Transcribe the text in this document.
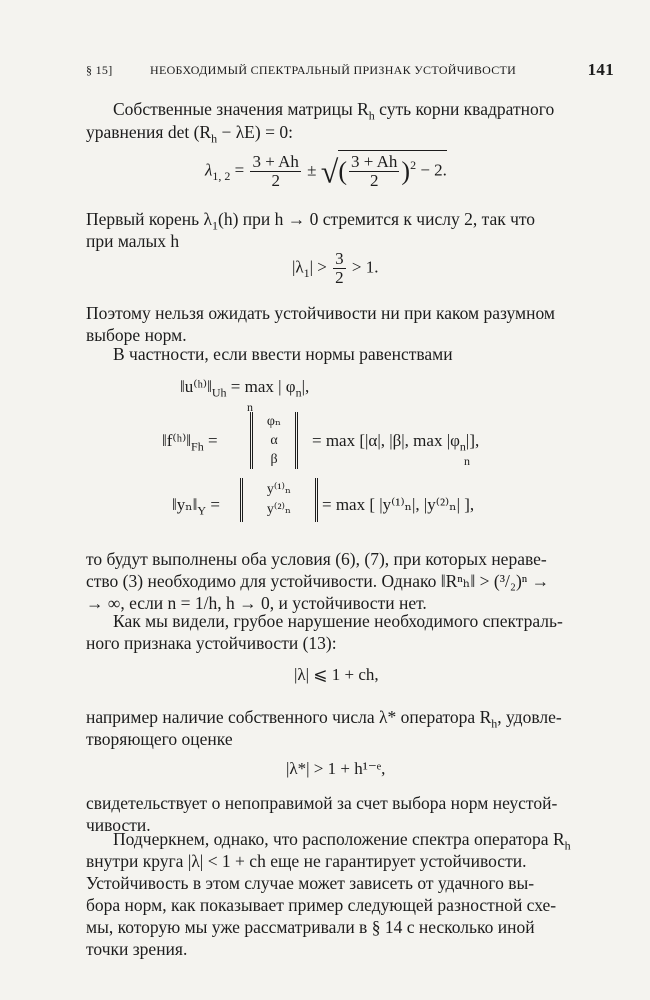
§ 15]	НЕОБХОДИМЫЙ СПЕКТРАЛЬНЫЙ ПРИЗНАК УСТОЙЧИВОСТИ	141
Собственные значения матрицы $R_h$ суть корни квадратного
уравнения $\det (R_h - \lambda E) = 0$:
$\lambda_{1, 2} = \frac{3 + Ah}{2}$ ± √( $\frac{3 + Ah}{2} )^2 - 2$.
Первый корень $\lambda_1(h)$ при h → 0 стремится к числу 2, так что
при малых h
$|\lambda_1| > \frac{3}{2} > 1$.
Поэтому нельзя ожидать устойчивости ни при каком разумном
выборе норм.
В частности, если ввести нормы равенствами
$‖u^(ʰ^)‖_{Uh} = \max$ | $\varphi_n|$,
n
$‖f^(ʰ^)‖_{Fh}$ =
φₙ
α
β
= max [|α|, |β|, $\max |\varphi_n|$],
n
$‖y_n‖_Y$ =
y⁽¹⁾ₙ
y⁽²⁾ₙ	= max [ |y⁽¹⁾ₙ|, |y⁽²⁾ₙ| ],
то будут выполнены оба условия (6), (7), при которых нераве-
ство (3) необходимо для устойчивости. Однако ‖Rⁿₕ‖ > (³/₂)ⁿ →
→ ∞, если n = 1/h, h → 0, и устойчивости нет.
Как мы видели, грубое нарушение необходимого спектраль-
ного признака устойчивости (13):
|λ| ⩽ 1 + ch,
например наличие собственного числа λ* оператора $R_h$, удовле-
творяющего оценке
|λ*| > 1 + h¹⁻ᵉ,
свидетельствует о непоправимой за счет выбора норм неустой-
чивости.
Подчеркнем, однако, что расположение спектра оператора $R_h$
внутри круга |λ| < 1 + ch еще не гарантирует устойчивости.
Устойчивость в этом случае может зависеть от удачного вы-
бора норм, как показывает пример следующей разностной схе-
мы, которую мы уже рассматривали в § 14 с несколько иной
точки зрения.
